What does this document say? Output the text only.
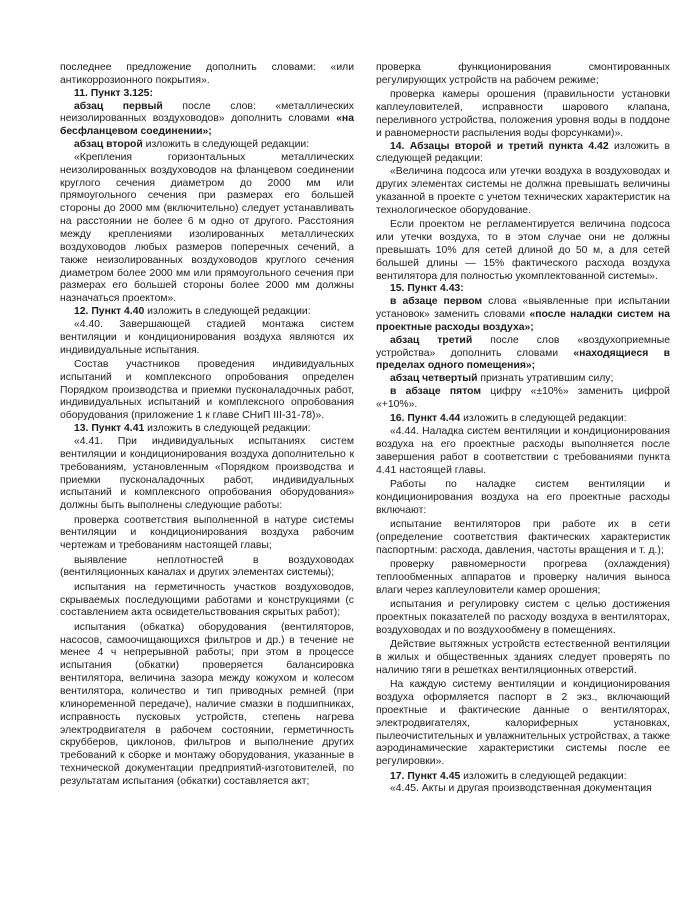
последнее предложение дополнить словами: «или антикоррозионного покрытия».

11. Пункт 3.125:

абзац первый после слов: «металлических неизолированных воздуховодов» дополнить словами «на бесфланцевом соединении»;

абзац второй изложить в следующей редакции:

«Крепления горизонтальных металлических неизолированных воздуховодов на фланцевом соединении круглого сечения диаметром до 2000 мм или прямоугольного сечения при размерах его большей стороны до 2000 мм (включительно) следует устанавливать на расстоянии не более 6 м одно от другого. Расстояния между креплениями изолированных металлических воздуховодов любых размеров поперечных сечений, а также неизолированных воздуховодов круглого сечения диаметром более 2000 мм или прямоугольного сечения при размерах его большей стороны более 2000 мм должны назначаться проектом».

12. Пункт 4.40 изложить в следующей редакции:

«4.40. Завершающей стадией монтажа систем вентиляции и кондиционирования воздуха являются их индивидуальные испытания.

Состав участников проведения индивидуальных испытаний и комплексного опробования определен Порядком производства и приемки пусконаладочных работ, индивидуальных испытаний и комплексного опробования оборудования (приложение 1 к главе СНиП III-31-78)».

13. Пункт 4.41 изложить в следующей редакции:

«4.41. При индивидуальных испытаниях систем вентиляции и кондиционирования воздуха дополнительно к требованиям, установленным «Порядком производства и приемки пусконаладочных работ, индивидуальных испытаний и комплексного опробования оборудования» должны быть выполнены следующие работы:

проверка соответствия выполненной в натуре системы вентиляции и кондиционирования воздуха рабочим чертежам и требованиям настоящей главы;

выявление неплотностей в воздуховодах (вентиляционных каналах и других элементах системы);

испытания на герметичность участков воздуховодов, скрываемых последующими работами и конструкциями (с составлением акта освидетельствования скрытых работ);

испытания (обкатка) оборудования (вентиляторов, насосов, самоочищающихся фильтров и др.) в течение не менее 4 ч непрерывной работы; при этом в процессе испытания (обкатки) проверяется балансировка вентилятора, величина зазора между кожухом и колесом вентилятора, количество и тип приводных ремней (при клиноременной передаче), наличие смазки в подшипниках, исправность пусковых устройств, степень нагрева электродвигателя в рабочем состоянии, герметичность скрубберов, циклонов, фильтров и выполнение других требований к сборке и монтажу оборудования, указанные в технической документации предприятий-изготовителей, по результатам испытания (обкатки) составляется акт;

проверка функционирования смонтированных регулирующих устройств на рабочем режиме;

проверка камеры орошения (правильности установки каплеуловителей, исправности шарового клапана, переливного устройства, положения уровня воды в поддоне и равномерности распыления воды форсунками)».

14. Абзацы второй и третий пункта 4.42 изложить в следующей редакции:

«Величина подсоса или утечки воздуха в воздуховодах и других элементах системы не должна превышать величины указанной в проекте с учетом технических характеристик на технологическое оборудование.

Если проектом не регламентируется величина подсоса или утечки воздуха, то в этом случае они не должны превышать 10% для сетей длиной до 50 м, а для сетей большей длины — 15% фактического расхода воздуха вентилятора для полностью укомплектованной системы».

15. Пункт 4.43:

в абзаце первом слова «выявленные при испытании установок» заменить словами «после наладки систем на проектные расходы воздуха»;

абзац третий после слов «воздухоприемные устройства» дополнить словами «находящиеся в пределах одного помещения»;

абзац четвертый признать утратившим силу;

в абзаце пятом цифру «±10%» заменить цифрой «+10%».

16. Пункт 4.44 изложить в следующей редакции:

«4.44. Наладка систем вентиляции и кондиционирования воздуха на его проектные расходы выполняется после завершения работ в соответствии с требованиями пункта 4.41 настоящей главы.

Работы по наладке систем вентиляции и кондиционирования воздуха на его проектные расходы включают:

испытание вентиляторов при работе их в сети (определение соответствия фактических характеристик паспортным: расхода, давления, частоты вращения и т. д.);

проверку равномерности прогрева (охлаждения) теплообменных аппаратов и проверку наличия выноса влаги через каплеуловители камер орошения;

испытания и регулировку систем с целью достижения проектных показателей по расходу воздуха в вентиляторах, воздуховодах и по воздухообмену в помещениях.

Действие вытяжных устройств естественной вентиляции в жилых и общественных зданиях следует проверять по наличию тяги в решетках вентиляционных отверстий.

На каждую систему вентиляции и кондиционирования воздуха оформляется паспорт в 2 экз., включающий проектные и фактические данные о вентиляторах, электродвигателях, калориферных установках, пылеочистительных и увлажнительных устройствах, а также аэродинамические характеристики системы после ее регулировки».

17. Пункт 4.45 изложить в следующей редакции:

«4.45. Акты и другая производственная документация
